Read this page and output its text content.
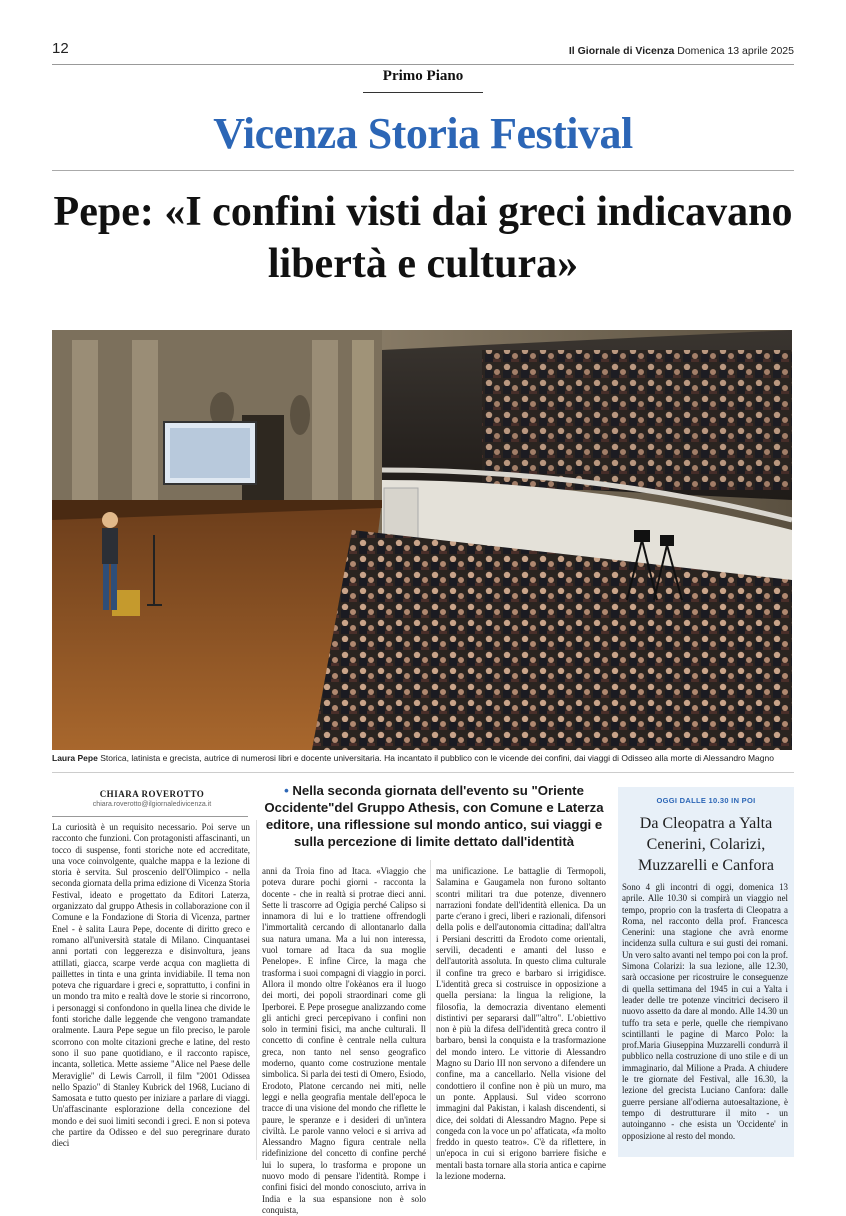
12	Il Giornale di Vicenza Domenica 13 aprile 2025
Primo Piano
Vicenza Storia Festival
Pepe: «I confini visti dai greci indicavano libertà e cultura»
Laura Pepe Storica, latinista e grecista, autrice di numerosi libri e docente universitaria. Ha incantato il pubblico con le vicende dei confini, dai viaggi di Odisseo alla morte di Alessandro Magno
CHIARA ROVEROTTO
chiara.roverotto@ilgiornaledivicenza.it
• Nella seconda giornata dell'evento su "Oriente Occidente"del Gruppo Athesis, con Comune e Laterza editore, una riflessione sul mondo antico, sui viaggi e sulla percezione di limite dettato dall'identità

La curiosità è un requisito necessario. Poi serve un racconto che funzioni. Con protagonisti affascinanti, un tocco di suspense, fonti storiche note ed accreditate, una voce coinvolgente, qualche mappa e la lezione di storia è servita. Sul proscenio dell'Olimpico - nella seconda giornata della prima edizione di Vicenza Storia Festival, ideato e progettato da Editori Laterza, organizzato dal gruppo Athesis in collaborazione con il Comune e la Fondazione di Storia di Vicenza, partner Enel - è salita Laura Pepe, docente di diritto greco e romano all'università statale di Milano. Cinquantasei anni portati con leggerezza e disinvoltura, jeans attillati, giacca, scarpe verde acqua con maglietta di paillettes in tinta e una grinta invidiabile. Il tema non poteva che riguardare i greci e, soprattutto, i confini in un mondo tra mito e realtà dove le storie si rincorrono, i personaggi si confondono in quella linea che divide le fonti storiche dalle leggende che vengono tramandate oralmente. Laura Pepe segue un filo preciso, le parole scorrono con molte citazioni greche e latine, del resto sono il suo pane quotidiano, e il racconto rapisce, incanta, solletica. Mette assieme "Alice nel Paese delle Meraviglie" di Lewis Carroll, il film "2001 Odissea nello Spazio" di Stanley Kubrick del 1968, Luciano di Samosata e tutto questo per iniziare a parlare di viaggi. Un'affascinante esplorazione della concezione del mondo e dei suoi limiti secondi i greci. E non si poteva che partire da Odisseo e del suo peregrinare durato dieci

anni da Troia fino ad Itaca. «Viaggio che poteva durare pochi giorni - racconta la docente - che in realtà si protrae dieci anni. Sette li trascorre ad Ogigia perché Calipso si innamora di lui e lo trattiene offrendogli l'immortalità cercando di allontanarlo dalla sua natura umana. Ma a lui non interessa, vuol tornare ad Itaca da sua moglie Penelope». E infine Circe, la maga che trasforma i suoi compagni di viaggio in porci. Allora il mondo oltre l'okèanos era il luogo dei morti, dei popoli straordinari come gli Iperborei. E Pepe prosegue analizzando come gli antichi greci percepivano i confini non solo in termini fisici, ma anche culturali. Il concetto di confine è centrale nella cultura greca, non tanto nel senso geografico moderno, quanto come costruzione mentale simbolica. Si parla dei testi di Omero, Esiodo, Erodoto, Platone cercando nei miti, nelle leggi e nella geografia mentale dell'epoca le tracce di una visione del mondo che riflette le paure, le speranze e i desideri di un'intera civiltà. Le parole vanno veloci e si arriva ad Alessandro Magno figura centrale nella ridefinizione del concetto di confine perché lui lo supera, lo trasforma e propone un nuovo modo di pensare l'identità. Rompe i confini fisici del mondo conosciuto, arriva in India e la sua espansione non è solo conquista,

ma unificazione. Le battaglie di Termopoli, Salamina e Gaugamela non furono soltanto scontri militari tra due potenze, divennero narrazioni fondate dell'identità ellenica. Da un parte c'erano i greci, liberi e razionali, difensori della polis e dell'autonomia cittadina; dall'altra i Persiani descritti da Erodoto come orientali, servili, decadenti e amanti del lusso e dell'autorità assoluta. In questo clima culturale il confine tra greco e barbaro si irrigidisce. L'identità greca si costruisce in opposizione a quella persiana: la lingua la religione, la filosofia, la democrazia diventano elementi distintivi per separarsi dall'"altro". L'obiettivo non è più la difesa dell'identità greca contro il barbaro, bensì la conquista e la trasformazione del mondo intero. Le vittorie di Alessandro Magno su Dario III non servono a difendere un confine, ma a cancellarlo. Nella visione del condottiero il confine non è più un muro, ma un ponte. Applausi. Sul video scorrono immagini dal Pakistan, i kalash discendenti, si dice, dei soldati di Alessandro Magno. Pepe si congeda con la voce un po' affaticata, «fa molto freddo in questo teatro». C'è da riflettere, in un'epoca in cui si erigono barriere fisiche e mentali basta tornare alla storia antica e capirne la lezione moderna.

OGGI DALLE 10.30 IN POI
Da Cleopatra a Yalta Cenerini, Colarizi, Muzzarelli e Canfora
Sono 4 gli incontri di oggi, domenica 13 aprile. Alle 10.30 si compirà un viaggio nel tempo, proprio con la trasferta di Cleopatra a Roma, nel racconto della prof. Francesca Cenerini: una stagione che avrà enorme incidenza sulla cultura e sui gusti dei romani. Un vero salto avanti nel tempo poi con la prof. Simona Colarizi: la sua lezione, alle 12.30, sarà occasione per ricostruire le conseguenze di quella settimana del 1945 in cui a Yalta i leader delle tre potenze vincitrici decisero il nuovo assetto da dare al mondo. Alle 14.30 un tuffo tra seta e perle, quelle che riempivano scintillanti le pagine di Marco Polo: la prof.Maria Giuseppina Muzzarelli condurrà il pubblico nella costruzione di uno stile e di un immaginario, dal Milione a Prada. A chiudere le tre giornate del Festival, alle 16.30, la lezione del grecista Luciano Canfora: dalle guerre persiane all'odierna autoesaltazione, è tempo di destrutturare il mito - un autoinganno - che esista un 'Occidente' in opposizione al resto del mondo.
